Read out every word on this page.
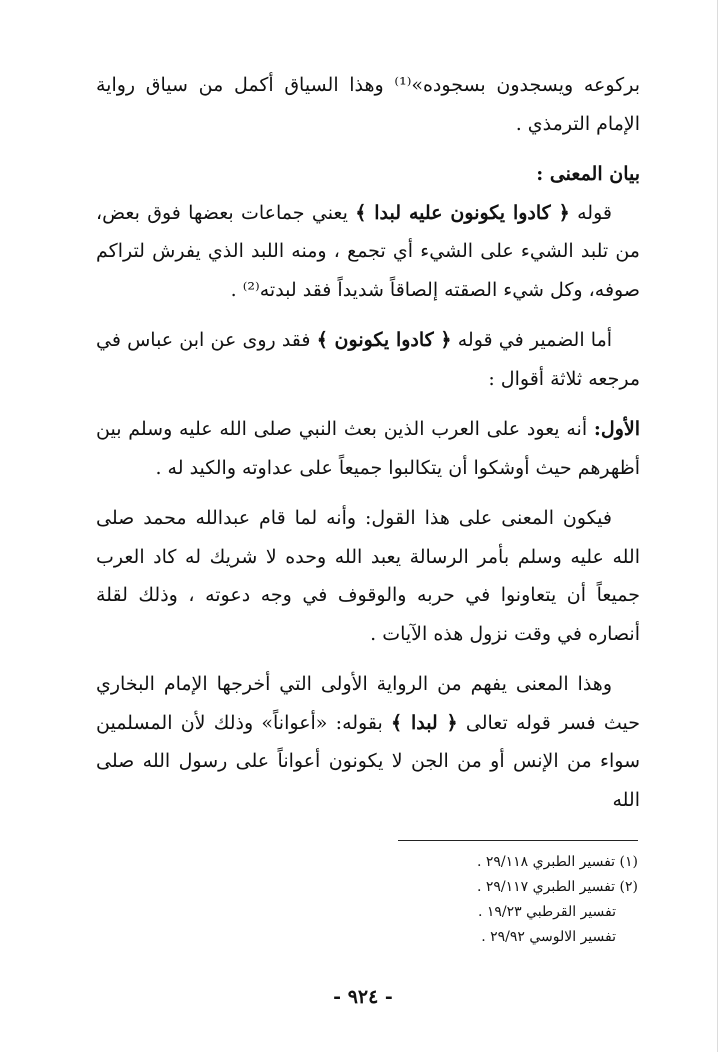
بركوعه ويسجدون بسجوده»⁽¹⁾ وهذا السياق أكمل من سياق رواية الإمام الترمذي .

بيان المعنى :

قوله ﴿ كادوا يكونون عليه لبدا ﴾ يعني جماعات بعضها فوق بعض، من تلبد الشيء على الشيء أي تجمع ، ومنه اللبد الذي يفرش لتراكم صوفه، وكل شيء الصقته إلصاقاً شديداً فقد لبدته⁽²⁾ .

أما الضمير في قوله ﴿ كادوا يكونون ﴾ فقد روى عن ابن عباس في مرجعه ثلاثة أقوال :

الأول: أنه يعود على العرب الذين بعث النبي صلى الله عليه وسلم بين أظهرهم حيث أوشكوا أن يتكالبوا جميعاً على عداوته والكيد له .

فيكون المعنى على هذا القول: وأنه لما قام عبدالله محمد صلى الله عليه وسلم بأمر الرسالة يعبد الله وحده لا شريك له كاد العرب جميعاً أن يتعاونوا في حربه والوقوف في وجه دعوته ، وذلك لقلة أنصاره في وقت نزول هذه الآيات .

وهذا المعنى يفهم من الرواية الأولى التي أخرجها الإمام البخاري حيث فسر قوله تعالى ﴿ لبدا ﴾ بقوله: «أعواناً» وذلك لأن المسلمين سواء من الإنس أو من الجن لا يكونون أعواناً على رسول الله صلى الله

(١) تفسير الطبري ٢٩/١١٨ .
(٢) تفسير الطبري ٢٩/١١٧ .
تفسير القرطبي ١٩/٢٣ .
تفسير الالوسي ٢٩/٩٢ .
- ٩٢٤ -
